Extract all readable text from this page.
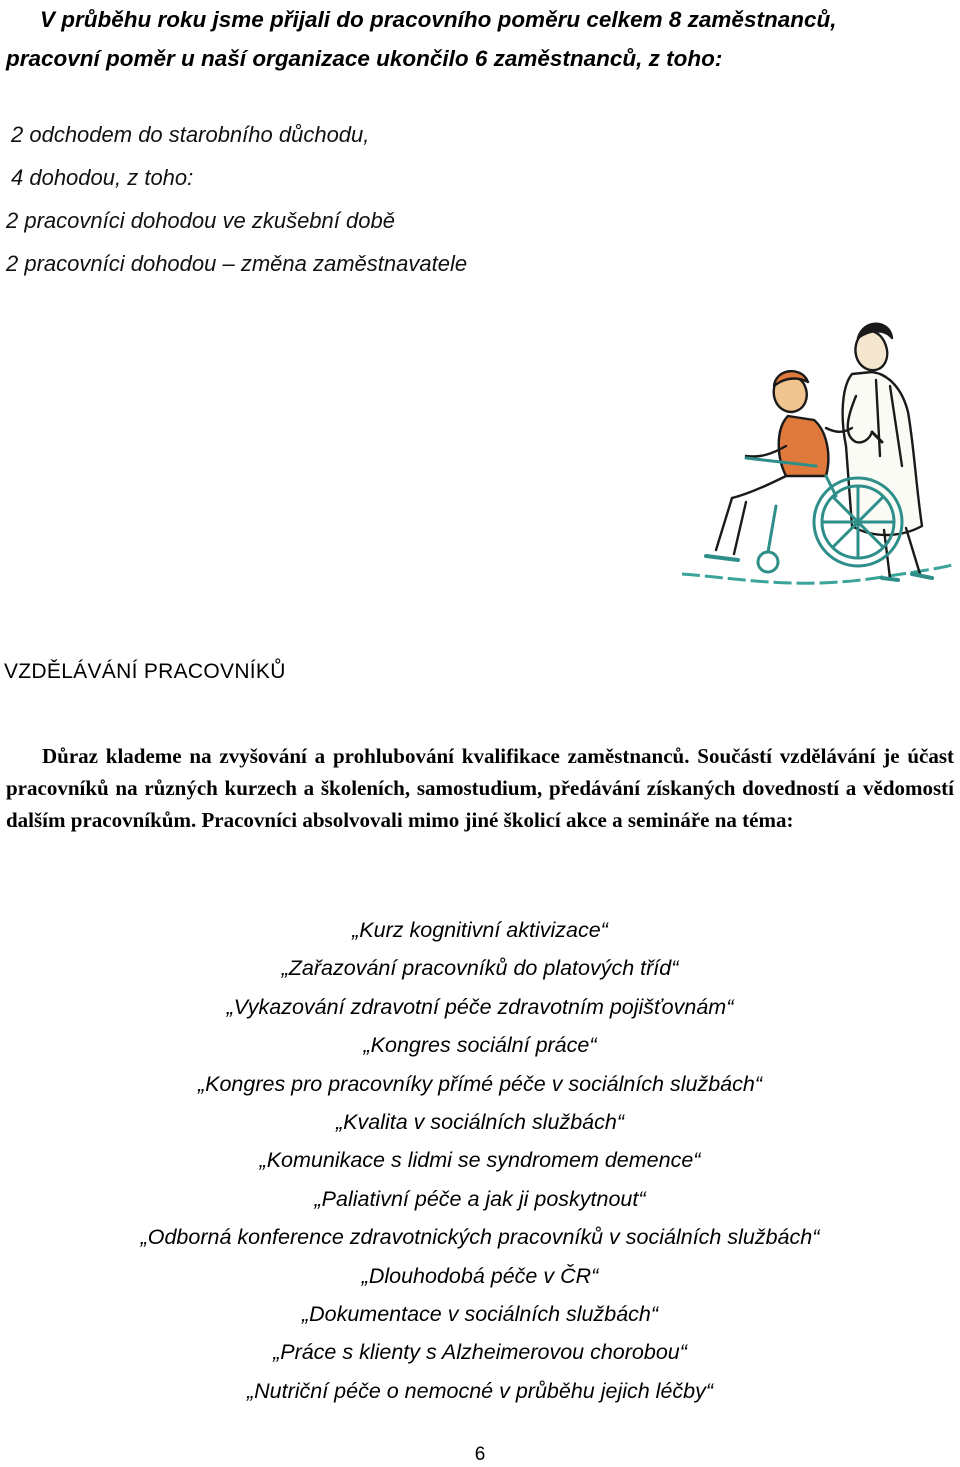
V průběhu roku jsme přijali do pracovního poměru celkem 8 zaměstnanců,
pracovní poměr u naší organizace ukončilo 6 zaměstnanců, z toho:

2 odchodem do starobního důchodu,
4 dohodou, z toho:
2 pracovníci dohodou ve zkušební době
2 pracovníci dohodou – změna zaměstnavatele
VZDĚLÁVÁNÍ PRACOVNÍKŮ

Důraz klademe na zvyšování a prohlubování kvalifikace zaměstnanců. Součástí vzdělávání je účast pracovníků na různých kurzech a školeních, samostudium, předávání získaných dovedností a vědomostí dalším pracovníkům. Pracovníci absolvovali mimo jiné školicí akce a semináře na téma:

„Kurz kognitivní aktivizace“
„Zařazování pracovníků do platových tříd“
„Vykazování zdravotní péče zdravotním pojišťovnám“
„Kongres sociální práce“
„Kongres pro pracovníky přímé péče v sociálních službách“
„Kvalita v sociálních službách“
„Komunikace s lidmi se syndromem demence“
„Paliativní péče a jak ji poskytnout“
„Odborná konference zdravotnických pracovníků v sociálních službách“
„Dlouhodobá péče v ČR“
„Dokumentace v sociálních službách“
„Práce s klienty s Alzheimerovou chorobou“
„Nutriční péče o nemocné v průběhu jejich léčby“
6
